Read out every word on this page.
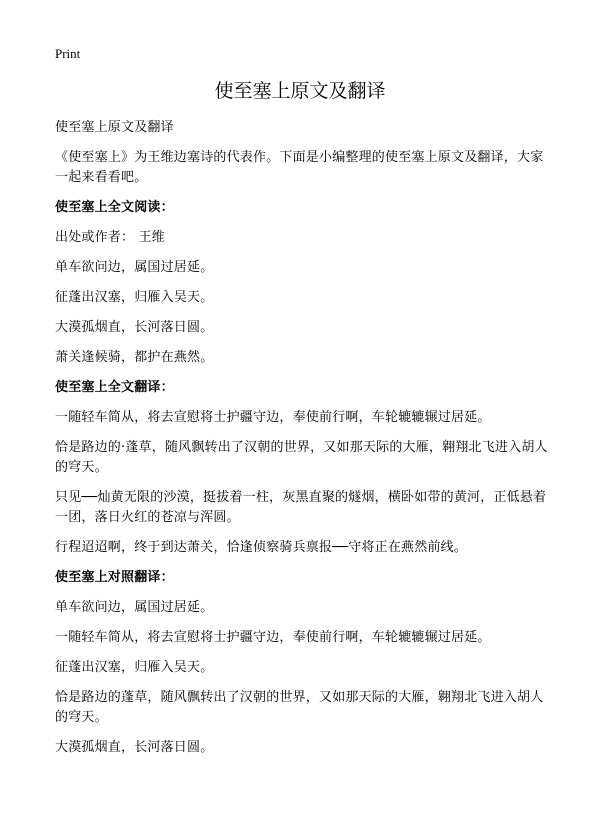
Print
使至塞上原文及翻译

使至塞上原文及翻译

《使至塞上》为王维边塞诗的代表作。下面是小编整理的使至塞上原文及翻译，大家一起来看看吧。

使至塞上全文阅读：

出处或作者： 王维

单车欲问边，属国过居延。

征蓬出汉塞，归雁入吴天。

大漠孤烟直，长河落日圆。

萧关逢候骑，都护在燕然。

使至塞上全文翻译：

一随轻车简从，将去宣慰将士护疆守边，奉使前行啊，车轮辘辘辗过居延。

恰是路边的·蓬草，随风飘转出了汉朝的世界，又如那天际的大雁，翱翔北飞进入胡人的穹天。

只见──灿黄无限的沙漠，挺拔着一柱，灰黑直聚的燧烟，横卧如带的黄河，正低悬着一团，落日火红的苍凉与浑圆。

行程迢迢啊，终于到达萧关，恰逢侦察骑兵禀报──守将正在燕然前线。

使至塞上对照翻译：

单车欲问边，属国过居延。

一随轻车简从，将去宣慰将士护疆守边，奉使前行啊，车轮辘辘辗过居延。

征蓬出汉塞，归雁入吴天。

恰是路边的蓬草，随风飘转出了汉朝的世界，又如那天际的大雁，翱翔北飞进入胡人的穹天。

大漠孤烟直，长河落日圆。
